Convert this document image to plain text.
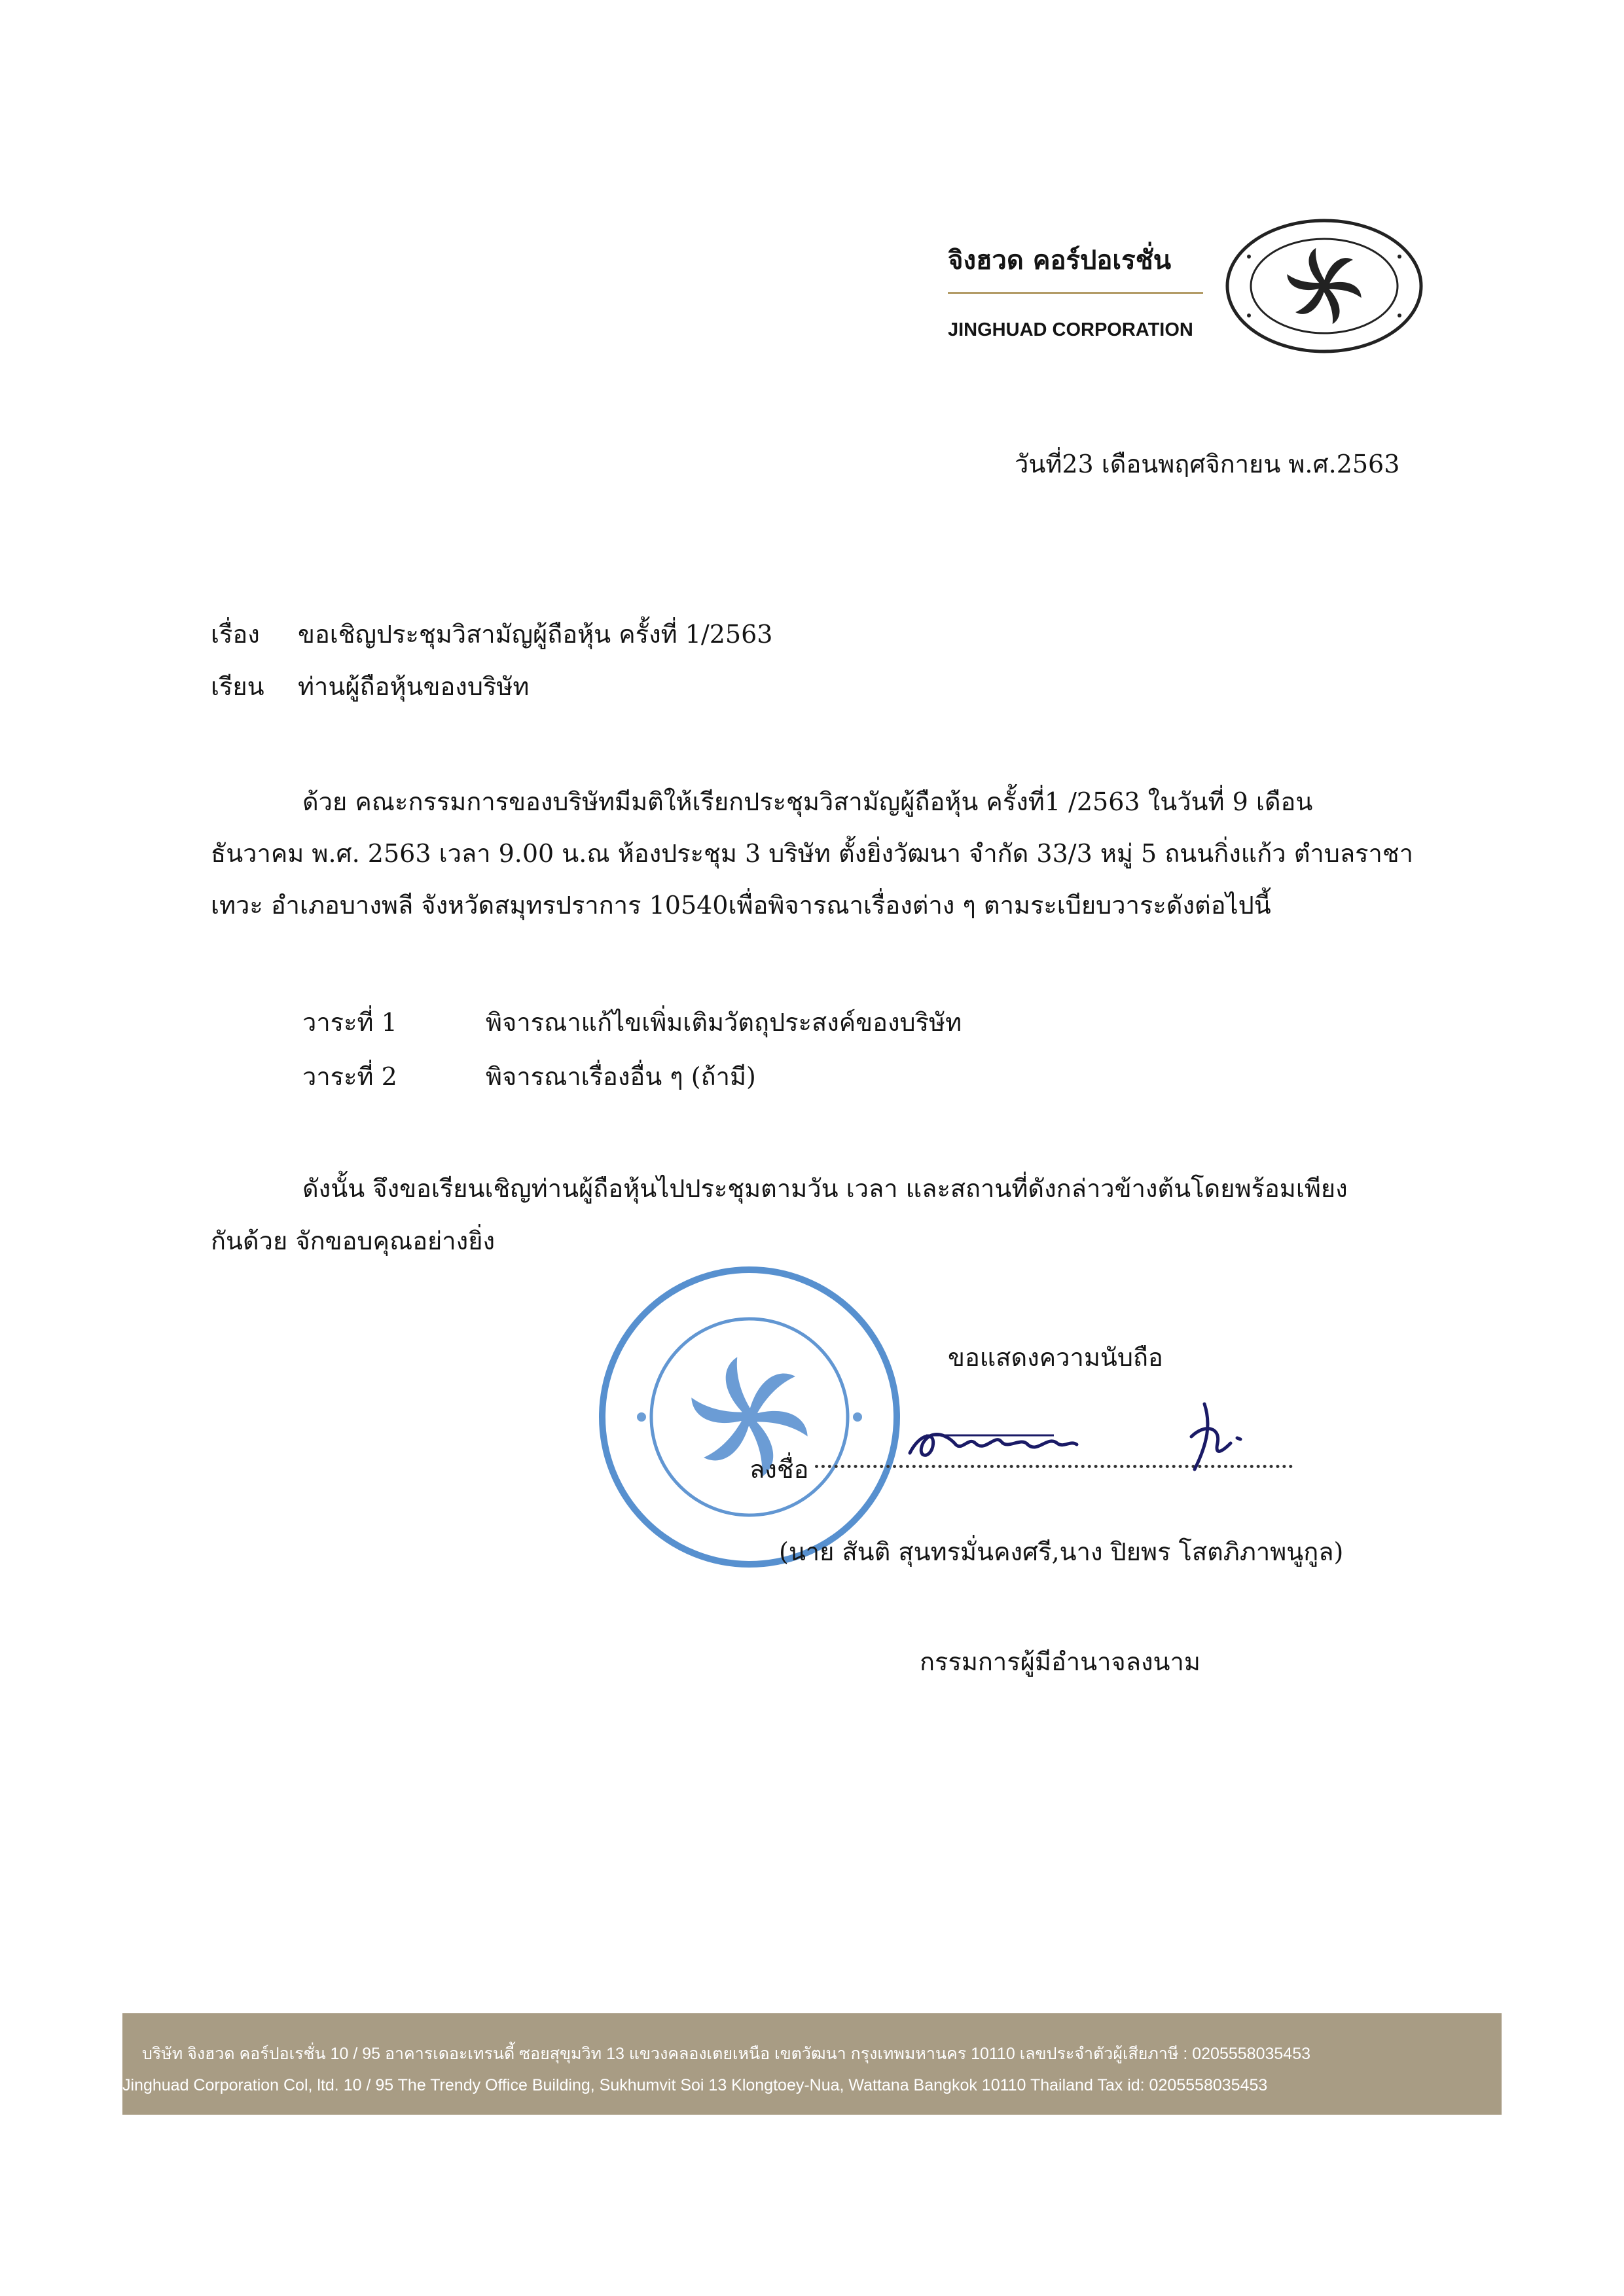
จิงฮวด คอร์ปอเรชั่น
JINGHUAD CORPORATION
วันที่23 เดือนพฤศจิกายน พ.ศ.2563
เรื่อง ขอเชิญประชุมวิสามัญผู้ถือหุ้น ครั้งที่ 1/2563
เรียน ท่านผู้ถือหุ้นของบริษัท
ด้วย คณะกรรมการของบริษัทมีมติให้เรียกประชุมวิสามัญผู้ถือหุ้น ครั้งที่1 /2563 ในวันที่ 9 เดือน
ธันวาคม พ.ศ. 2563 เวลา 9.00 น.ณ ห้องประชุม 3 บริษัท ตั้งยิ่งวัฒนา จำกัด 33/3 หมู่ 5 ถนนกิ่งแก้ว ตำบลราชา
เทวะ อำเภอบางพลี จังหวัดสมุทรปราการ 10540เพื่อพิจารณาเรื่องต่าง ๆ ตามระเบียบวาระดังต่อไปนี้
วาระที่ 1	พิจารณาแก้ไขเพิ่มเติมวัตถุประสงค์ของบริษัท
วาระที่ 2	พิจารณาเรื่องอื่น ๆ (ถ้ามี)
ดังนั้น จึงขอเรียนเชิญท่านผู้ถือหุ้นไปประชุมตามวัน เวลา และสถานที่ดังกล่าวข้างต้นโดยพร้อมเพียง
กันด้วย จักขอบคุณอย่างยิ่ง
ขอแสดงความนับถือ
ลงชื่อ
(นาย สันติ สุนทรมั่นคงศรี,นาง ปิยพร โสตภิภาพนูกูล)
กรรมการผู้มีอำนาจลงนาม
บริษัท จิงฮวด คอร์ปอเรชั่น 10 / 95 อาคารเดอะเทรนดี้ ซอยสุขุมวิท 13 แขวงคลองเตยเหนือ เขตวัฒนา กรุงเทพมหานคร 10110 เลขประจำตัวผู้เสียภาษี : 0205558035453
Jinghuad Corporation Col, ltd. 10 / 95 The Trendy Office Building, Sukhumvit Soi 13 Klongtoey-Nua, Wattana Bangkok 10110 Thailand Tax id: 0205558035453
